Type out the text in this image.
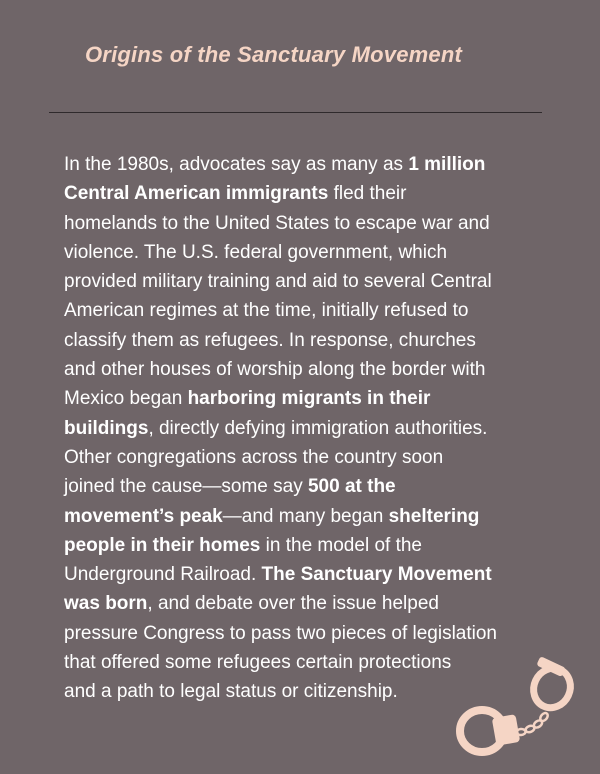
Origins of the Sanctuary Movement

In the 1980s, advocates say as many as 1 million
Central American immigrants fled their
homelands to the United States to escape war and
violence. The U.S. federal government, which
provided military training and aid to several Central
American regimes at the time, initially refused to
classify them as refugees. In response, churches
and other houses of worship along the border with
Mexico began harboring migrants in their
buildings, directly defying immigration authorities.
Other congregations across the country soon
joined the cause—some say 500 at the
movement’s peak—and many began sheltering
people in their homes in the model of the
Underground Railroad. The Sanctuary Movement
was born, and debate over the issue helped
pressure Congress to pass two pieces of legislation
that offered some refugees certain protections
and a path to legal status or citizenship.
